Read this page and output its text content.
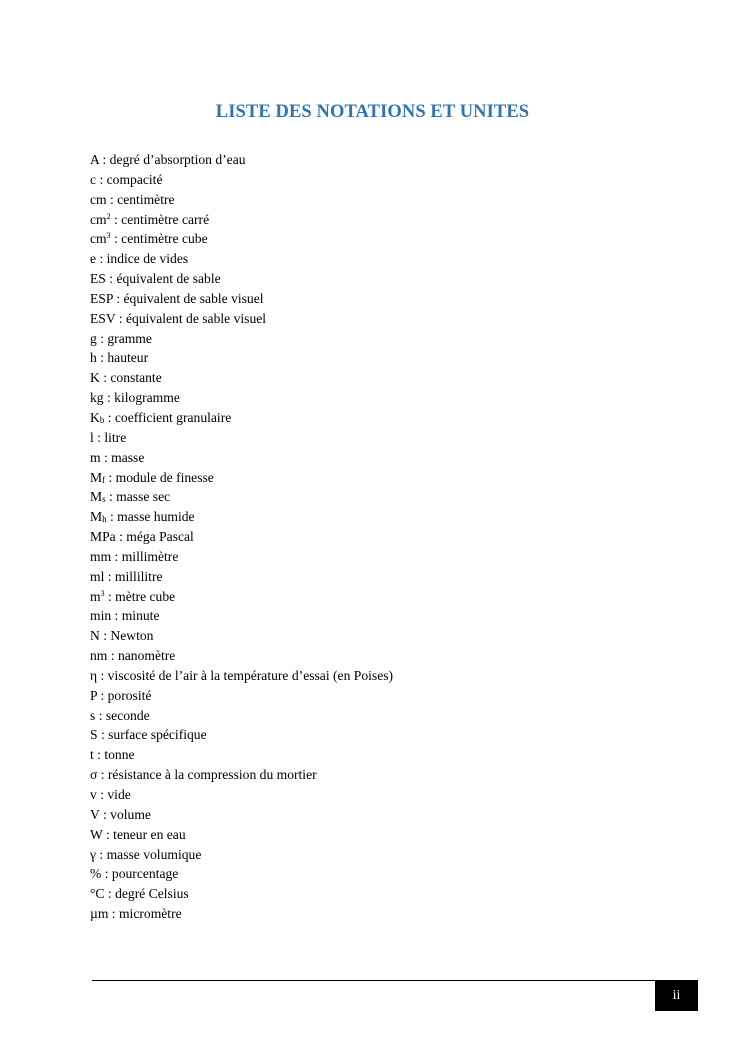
LISTE DES NOTATIONS ET UNITES
A : degré d’absorption d’eau
c : compacité
cm : centimètre
$cm^2$ : centimètre carré
$cm^3$ : centimètre cube
e : indice de vides
ES : équivalent de sable
ESP : équivalent de sable visuel
ESV : équivalent de sable visuel
g : gramme
h : hauteur
K : constante
kg : kilogramme
$K_b$ : coefficient granulaire
l : litre
m : masse
$M_f$ : module de finesse
$M_s$ : masse sec
$M_h$ : masse humide
MPa : méga Pascal
mm : millimètre
ml : millilitre
$m^3$ : mètre cube
min : minute
N : Newton
nm : nanomètre
η : viscosité de l’air à la température d’essai (en Poises)
P : porosité
s : seconde
S : surface spécifique
t : tonne
σ : résistance à la compression du mortier
v : vide
V : volume
W : teneur en eau
γ : masse volumique
% : pourcentage
°C : degré Celsius
µm : micromètre
ii
